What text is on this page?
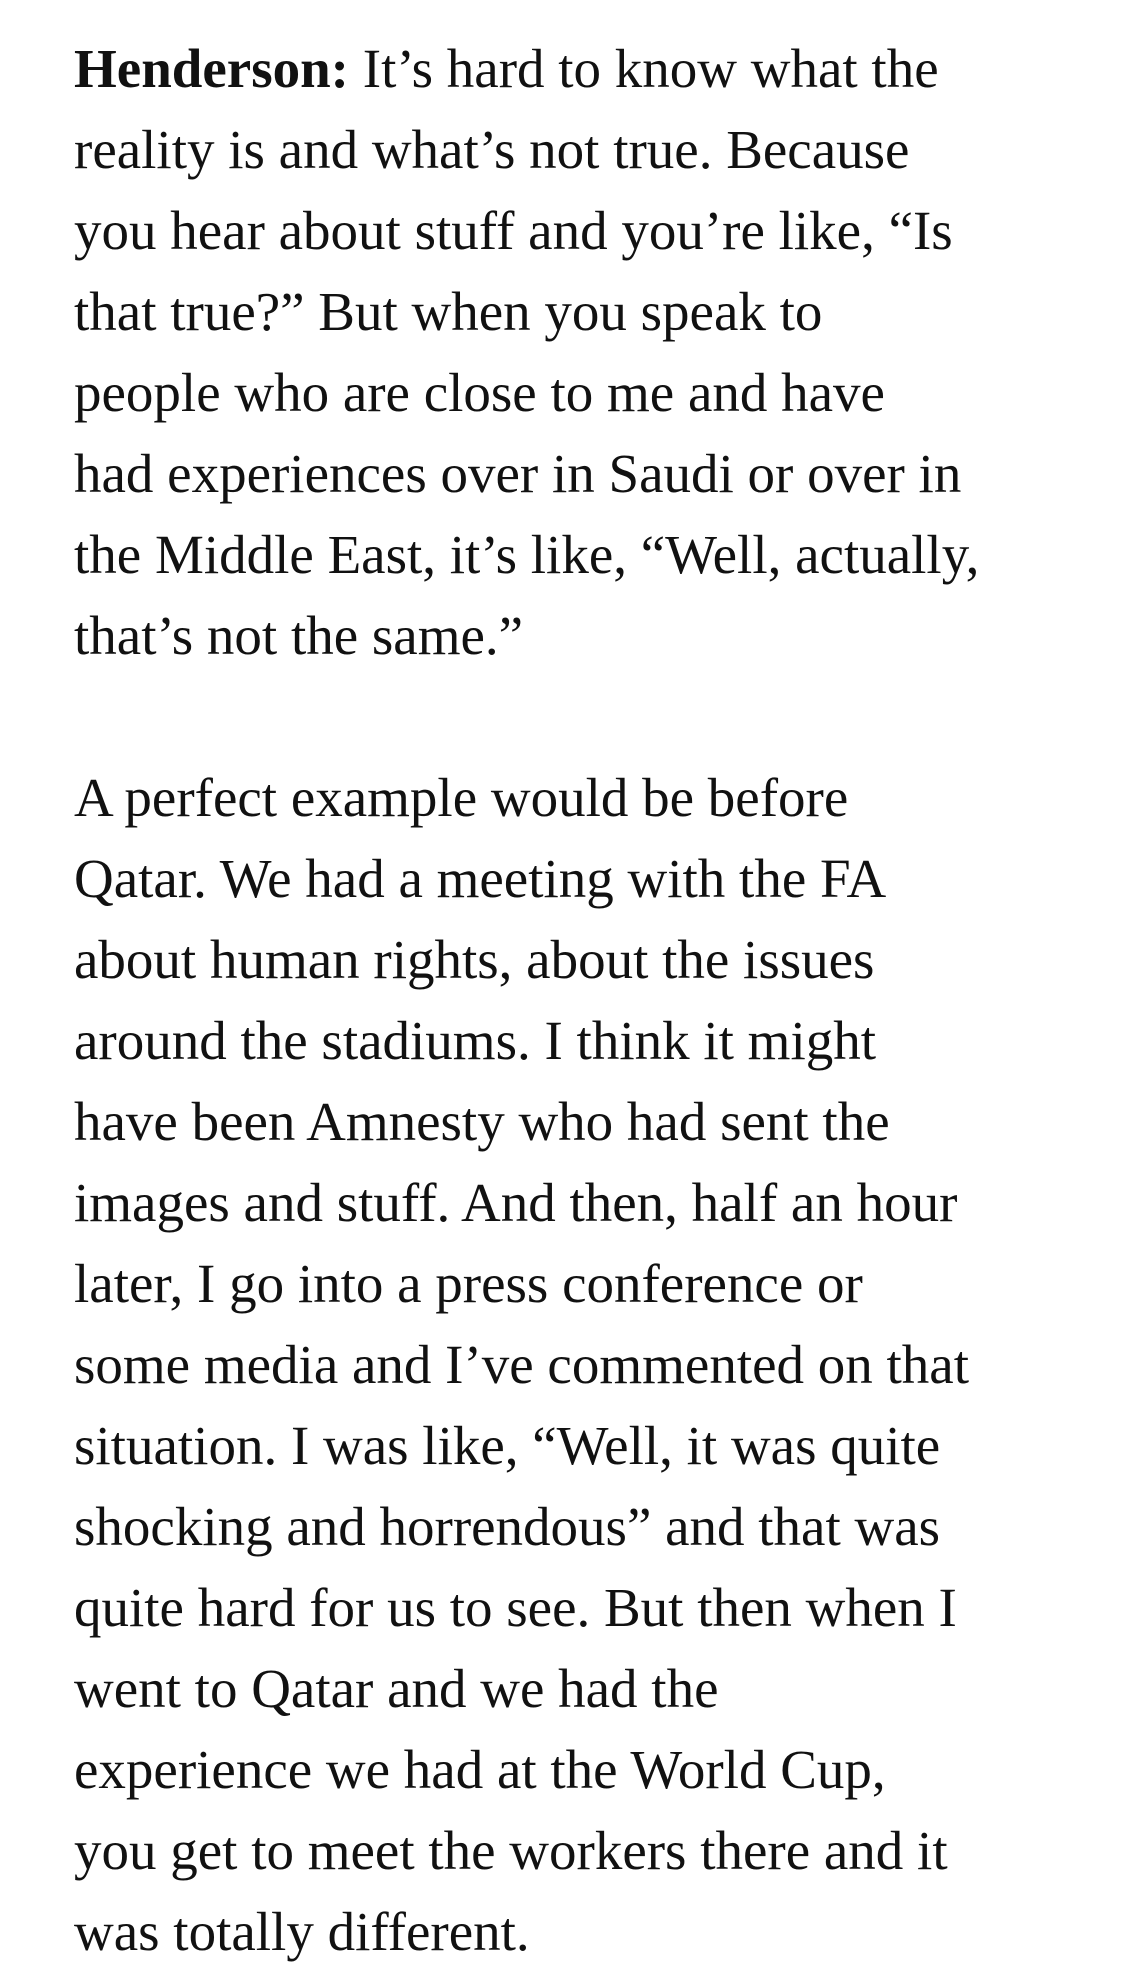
Henderson: It’s hard to know what the
reality is and what’s not true. Because
you hear about stuff and you’re like, “Is
that true?” But when you speak to
people who are close to me and have
had experiences over in Saudi or over in
the Middle East, it’s like, “Well, actually,
that’s not the same.”
A perfect example would be before
Qatar. We had a meeting with the FA
about human rights, about the issues
around the stadiums. I think it might
have been Amnesty who had sent the
images and stuff. And then, half an hour
later, I go into a press conference or
some media and I’ve commented on that
situation. I was like, “Well, it was quite
shocking and horrendous” and that was
quite hard for us to see. But then when I
went to Qatar and we had the
experience we had at the World Cup,
you get to meet the workers there and it
was totally different.
